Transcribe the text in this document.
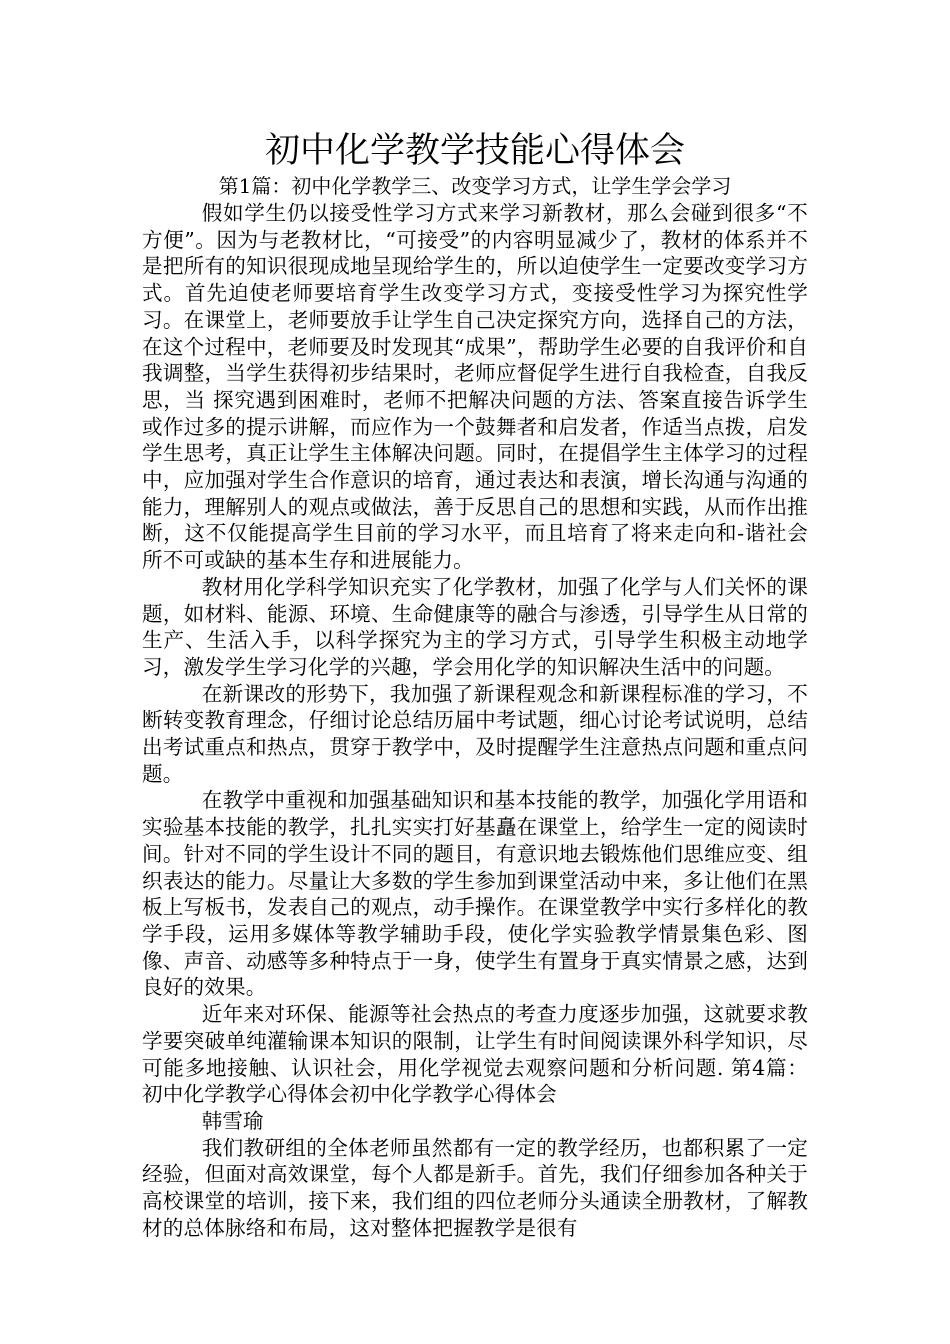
初中化学教学技能心得体会
第1篇：初中化学教学三、改变学习方式，让学生学会学习

假如学生仍以接受性学习方式来学习新教材，那么会碰到很多“不方便”。因为与老教材比，“可接受”的内容明显减少了，教材的体系并不是把所有的知识很现成地呈现给学生的，所以迫使学生一定要改变学习方式。首先迫使老师要培育学生改变学习方式，变接受性学习为探究性学习。在课堂上，老师要放手让学生自己决定探究方向，选择自己的方法，在这个过程中，老师要及时发现其“成果”，帮助学生必要的自我评价和自我调整，当学生获得初步结果时，老师应督促学生进行自我检查，自我反思，当 探究遇到困难时，老师不把解决问题的方法、答案直接告诉学生或作过多的提示讲解，而应作为一个鼓舞者和启发者，作适当点拨，启发学生思考，真正让学生主体解决问题。同时，在提倡学生主体学习的过程中，应加强对学生合作意识的培育，通过表达和表演，增长沟通与沟通的能力，理解别人的观点或做法，善于反思自己的思想和实践，从而作出推断，这不仅能提高学生目前的学习水平，而且培育了将来走向和-谐社会所不可或缺的基本生存和进展能力。

教材用化学科学知识充实了化学教材，加强了化学与人们关怀的课题，如材料、能源、环境、生命健康等的融合与渗透，引导学生从日常的生产、生活入手，以科学探究为主的学习方式，引导学生积极主动地学习，激发学生学习化学的兴趣，学会用化学的知识解决生活中的问题。

在新课改的形势下，我加强了新课程观念和新课程标准的学习，不断转变教育理念，仔细讨论总结历届中考试题，细心讨论考试说明，总结出考试重点和热点，贯穿于教学中，及时提醒学生注意热点问题和重点问题。

在教学中重视和加强基础知识和基本技能的教学，加强化学用语和实验基本技能的教学，扎扎实实打好基矗在课堂上，给学生一定的阅读时间。针对不同的学生设计不同的题目，有意识地去锻炼他们思维应变、组织表达的能力。尽量让大多数的学生参加到课堂活动中来，多让他们在黑板上写板书，发表自己的观点，动手操作。在课堂教学中实行多样化的教学手段，运用多媒体等教学辅助手段，使化学实验教学情景集色彩、图像、声音、动感等多种特点于一身，使学生有置身于真实情景之感，达到良好的效果。

近年来对环保、能源等社会热点的考查力度逐步加强，这就要求教学要突破单纯灌输课本知识的限制，让学生有时间阅读课外科学知识，尽可能多地接触、认识社会，用化学视觉去观察问题和分析问题. 第4篇：初中化学教学心得体会初中化学教学心得体会

韩雪瑜

我们教研组的全体老师虽然都有一定的教学经历，也都积累了一定经验，但面对高效课堂，每个人都是新手。首先，我们仔细参加各种关于高校课堂的培训，接下来，我们组的四位老师分头通读全册教材，了解教材的总体脉络和布局，这对整体把握教学是很有
